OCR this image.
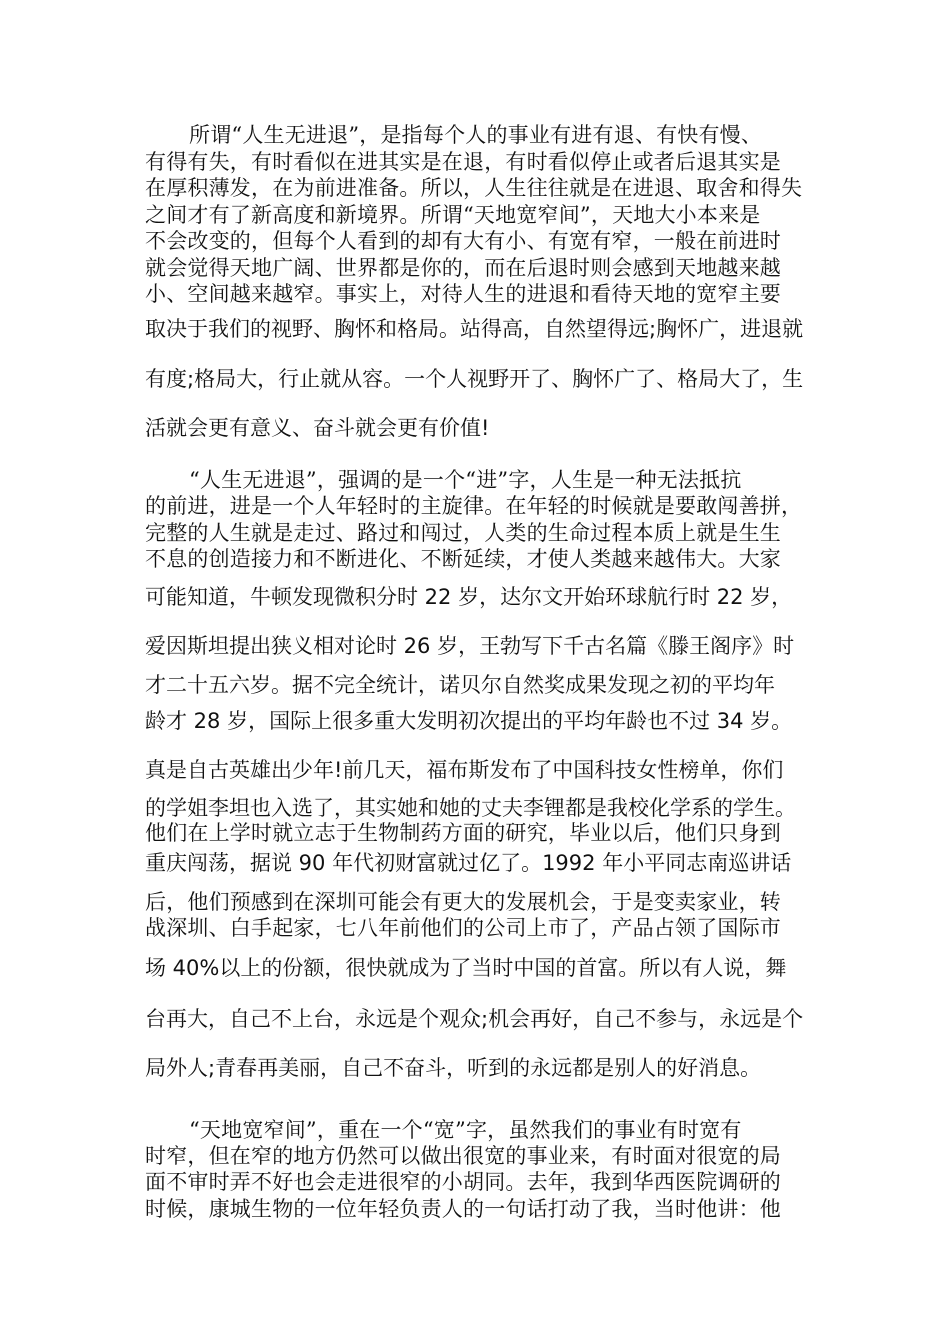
所谓“人生无进退”，是指每个人的事业有进有退、有快有慢、
有得有失，有时看似在进其实是在退，有时看似停止或者后退其实是
在厚积薄发，在为前进准备。所以，人生往往就是在进退、取舍和得失
之间才有了新高度和新境界。所谓“天地宽窄间”，天地大小本来是
不会改变的，但每个人看到的却有大有小、有宽有窄，一般在前进时
就会觉得天地广阔、世界都是你的，而在后退时则会感到天地越来越
小、空间越来越窄。事实上，对待人生的进退和看待天地的宽窄主要
取决于我们的视野、胸怀和格局。站得高，自然望得远;胸怀广，进退就
有度;格局大，行止就从容。一个人视野开了、胸怀广了、格局大了，生
活就会更有意义、奋斗就会更有价值!
“人生无进退”，强调的是一个“进”字，人生是一种无法抵抗
的前进，进是一个人年轻时的主旋律。在年轻的时候就是要敢闯善拼，
完整的人生就是走过、路过和闯过，人类的生命过程本质上就是生生
不息的创造接力和不断进化、不断延续，才使人类越来越伟大。大家
可能知道，牛顿发现微积分时 22 岁，达尔文开始环球航行时 22 岁，
爱因斯坦提出狭义相对论时 26 岁，王勃写下千古名篇《滕王阁序》时
才二十五六岁。据不完全统计，诺贝尔自然奖成果发现之初的平均年
龄才 28 岁，国际上很多重大发明初次提出的平均年龄也不过 34 岁。
真是自古英雄出少年!前几天，福布斯发布了中国科技女性榜单，你们
的学姐李坦也入选了，其实她和她的丈夫李锂都是我校化学系的学生。
他们在上学时就立志于生物制药方面的研究，毕业以后，他们只身到
重庆闯荡，据说 90 年代初财富就过亿了。1992 年小平同志南巡讲话
后，他们预感到在深圳可能会有更大的发展机会，于是变卖家业，转
战深圳、白手起家，七八年前他们的公司上市了，产品占领了国际市
场 40%以上的份额，很快就成为了当时中国的首富。所以有人说，舞
台再大，自己不上台，永远是个观众;机会再好，自己不参与，永远是个
局外人;青春再美丽，自己不奋斗，听到的永远都是别人的好消息。
“天地宽窄间”，重在一个“宽”字，虽然我们的事业有时宽有
时窄，但在窄的地方仍然可以做出很宽的事业来，有时面对很宽的局
面不审时弄不好也会走进很窄的小胡同。去年，我到华西医院调研的
时候，康城生物的一位年轻负责人的一句话打动了我，当时他讲：他
